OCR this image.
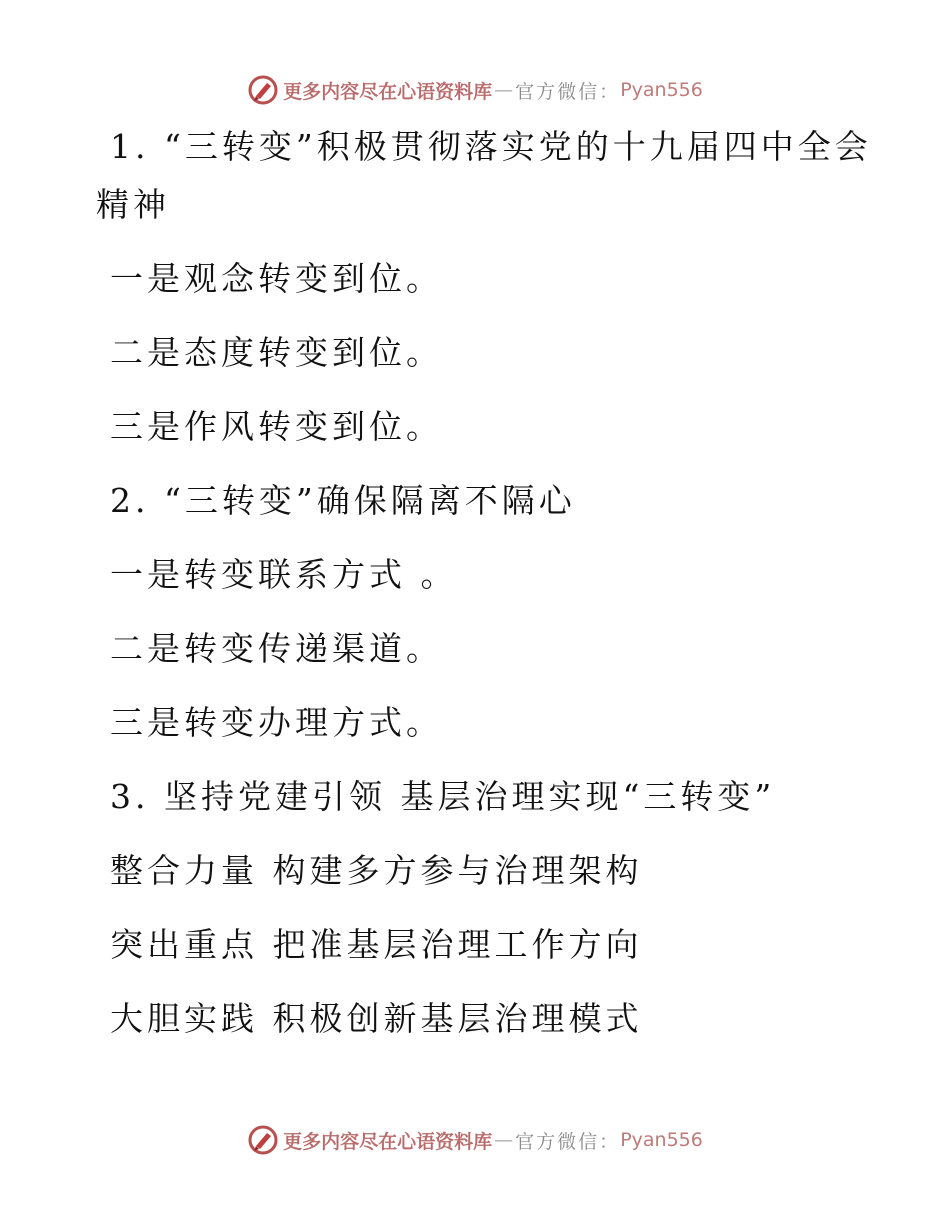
更多内容尽在心语资料库 — 官方微信： Pyan556
1. “三转变”积极贯彻落实党的十九届四中全会
精神
一是观念转变到位。
二是态度转变到位。
三是作风转变到位。
2. “三转变”确保隔离不隔心
一是转变联系方式 。
二是转变传递渠道。
三是转变办理方式。
3. 坚持党建引领 基层治理实现“三转变”
整合力量 构建多方参与治理架构
突出重点 把准基层治理工作方向
大胆实践 积极创新基层治理模式
更多内容尽在心语资料库 — 官方微信： Pyan556
